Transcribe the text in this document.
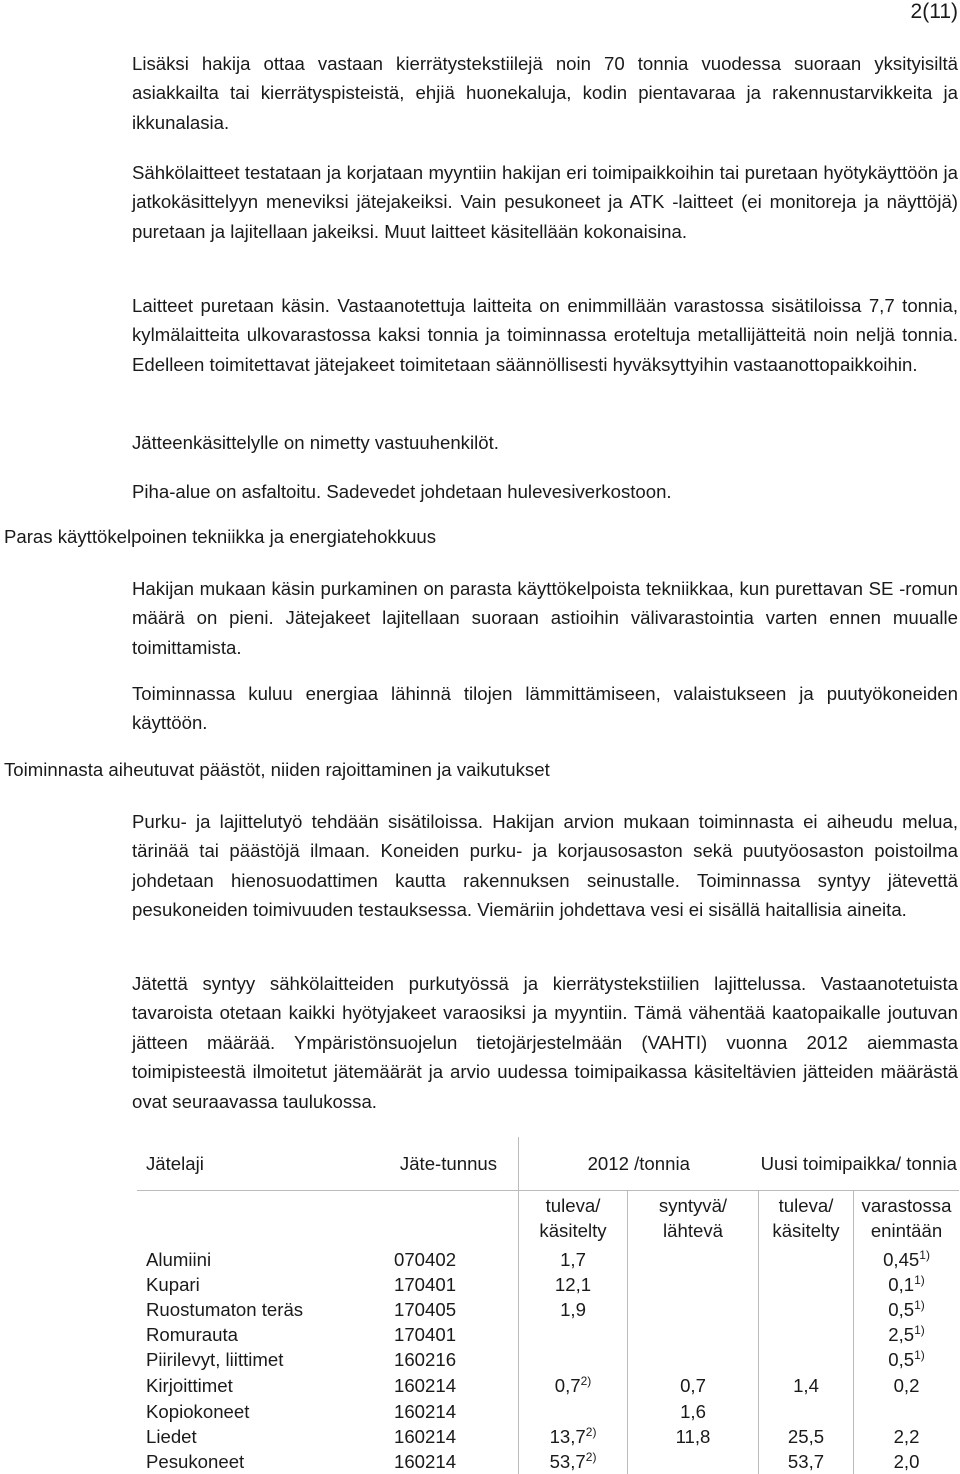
2(11)

Lisäksi hakija ottaa vastaan kierrätystekstiilejä noin 70 tonnia vuodessa suoraan yksityisiltä asiakkailta tai kierrätyspisteistä, ehjiä huonekaluja, kodin pientavaraa ja rakennustarvikkeita ja ikkunalasia.

Sähkölaitteet testataan ja korjataan myyntiin hakijan eri toimipaikkoihin tai puretaan hyötykäyttöön ja jatkokäsittelyyn meneviksi jätejakeiksi. Vain pesukoneet ja ATK -laitteet (ei monitoreja ja näyttöjä) puretaan ja lajitellaan jakeiksi. Muut laitteet käsitellään kokonaisina.

Laitteet puretaan käsin. Vastaanotettuja laitteita on enimmillään varastossa sisätiloissa 7,7 tonnia, kylmälaitteita ulkovarastossa kaksi tonnia ja toiminnassa eroteltuja metallijätteitä noin neljä tonnia. Edelleen toimitettavat jätejakeet toimitetaan säännöllisesti hyväksyttyihin vastaanottopaikkoihin.

Jätteenkäsittelylle on nimetty vastuuhenkilöt.

Piha-alue on asfaltoitu. Sadevedet johdetaan hulevesiverkostoon.

Paras käyttökelpoinen tekniikka ja energiatehokkuus

Hakijan mukaan käsin purkaminen on parasta käyttökelpoista tekniikkaa, kun purettavan SE -romun määrä on pieni. Jätejakeet lajitellaan suoraan astioihin välivarastointia varten ennen muualle toimittamista.

Toiminnassa kuluu energiaa lähinnä tilojen lämmittämiseen, valaistukseen ja puutyökoneiden käyttöön.

Toiminnasta aiheutuvat päästöt, niiden rajoittaminen ja vaikutukset

Purku- ja lajittelutyö tehdään sisätiloissa. Hakijan arvion mukaan toiminnasta ei aiheudu melua, tärinää tai päästöjä ilmaan. Koneiden purku- ja korjausosaston sekä puutyöosaston poistoilma johdetaan hienosuodattimen kautta rakennuksen seinustalle. Toiminnassa syntyy jätevettä pesukoneiden toimivuuden testauksessa. Viemäriin johdettava vesi ei sisällä haitallisia aineita.

Jätettä syntyy sähkölaitteiden purkutyössä ja kierrätystekstiilien lajittelussa. Vastaanotetuista tavaroista otetaan kaikki hyötyjakeet varaosiksi ja myyntiin. Tämä vähentää kaatopaikalle joutuvan jätteen määrää. Ympäristönsuojelun tietojärjestelmään (VAHTI) vuonna 2012 aiemmasta toimipisteestä ilmoitetut jätemäärät ja arvio uudessa toimipaikassa käsiteltävien jätteiden määrästä ovat seuraavassa taulukossa.

Jätelaji	Jäte-tunnus	2012 /tonnia		Uusi toimipaikka/ tonnia	
		tuleva/ käsitelty	syntyvä/ lähtevä	tuleva/ käsitelty	varastossa enintään
Alumiini	070402	1,7			0,45$^{1)}$
Kupari	170401	12,1			0,1$^{1)}$
Ruostumaton teräs	170405	1,9			0,5$^{1)}$
Romurauta	170401				2,5$^{1)}$
Piirilevyt, liittimet	160216				0,5$^{1)}$
Kirjoittimet	160214	0,7$^{2)}$	0,7	1,4	0,2
Kopiokoneet	160214		1,6		
Liedet	160214	13,7$^{2)}$	11,8	25,5	2,2
Pesukoneet	160214	53,7$^{2)}$		53,7	2,0
